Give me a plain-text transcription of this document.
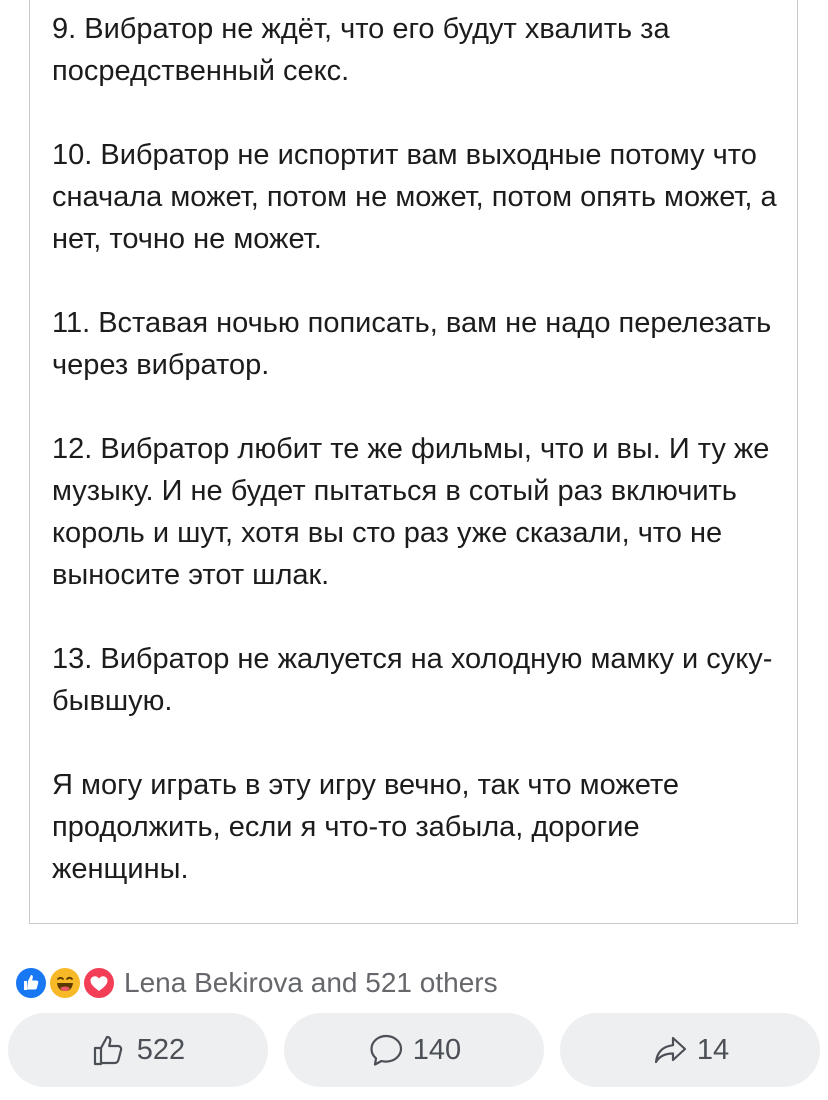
9. Вибратор не ждёт, что его будут хвалить за посредственный секс.

10. Вибратор не испортит вам выходные потому что сначала может, потом не может, потом опять может, а нет, точно не может.

11. Вставая ночью пописать, вам не надо перелезать через вибратор.

12. Вибратор любит те же фильмы, что и вы. И ту же музыку. И не будет пытаться в сотый раз включить король и шут, хотя вы сто раз уже сказали, что не выносите этот шлак.

13. Вибратор не жалуется на холодную мамку и суку-бывшую.

Я могу играть в эту игру вечно, так что можете продолжить, если я что-то забыла, дорогие женщины.

Lena Bekirova and 521 others
522	140	14
